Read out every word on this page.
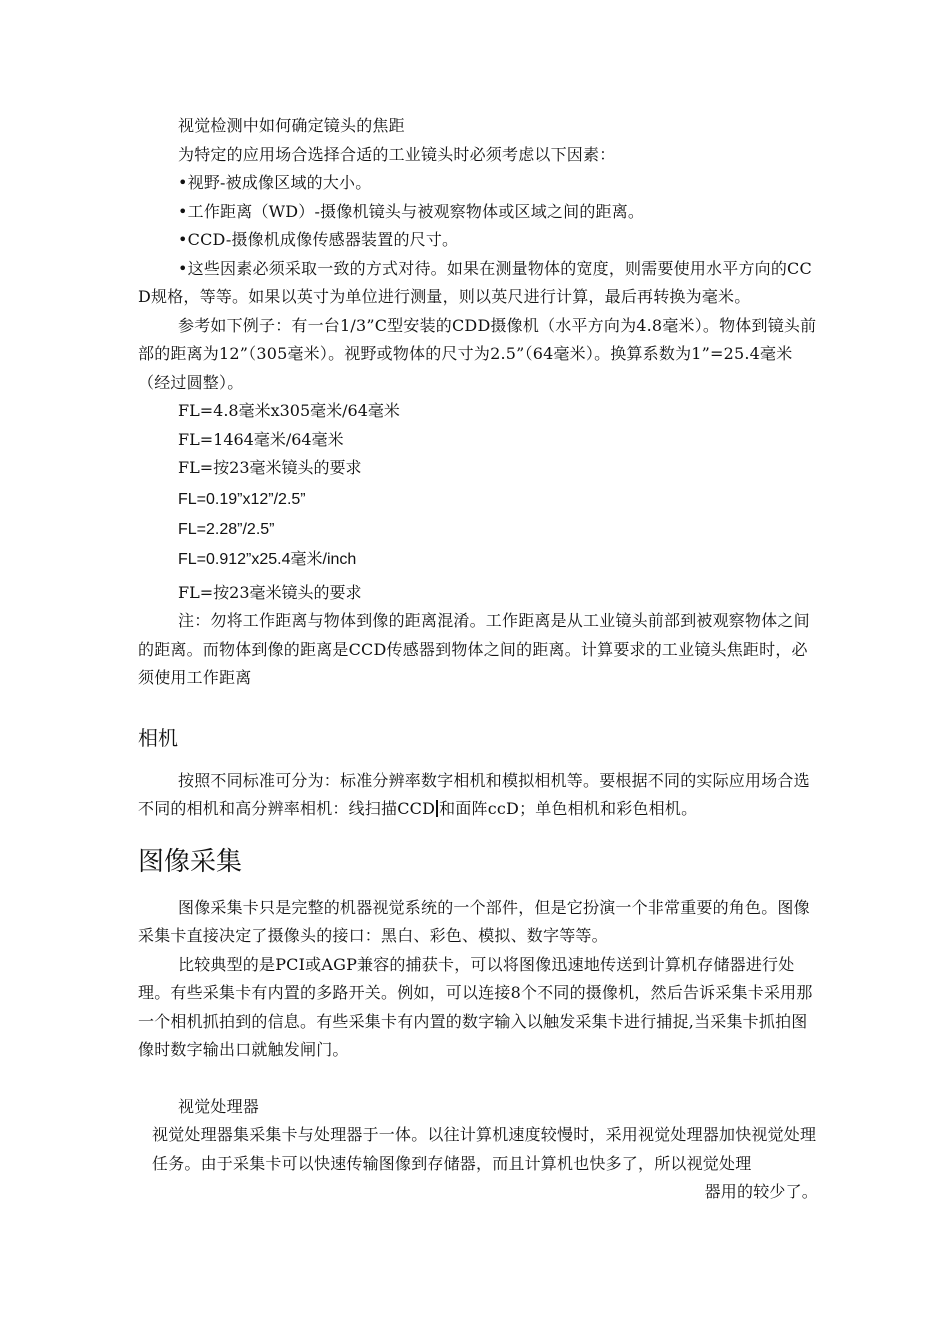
视觉检测中如何确定镜头的焦距

为特定的应用场合选择合适的工业镜头时必须考虑以下因素：

•视野-被成像区域的大小。

•工作距离（WD）-摄像机镜头与被观察物体或区域之间的距离。

•CCD-摄像机成像传感器装置的尺寸。

•这些因素必须采取一致的方式对待。如果在测量物体的宽度，则需要使用水平方向的CCD规格，等等。如果以英寸为单位进行测量，则以英尺进行计算，最后再转换为毫米。

参考如下例子：有一台1/3”C型安装的CDD摄像机（水平方向为4.8毫米）。物体到镜头前部的距离为12”（305毫米）。视野或物体的尺寸为2.5”（64毫米）。换算系数为1”=25.4毫米（经过圆整）。

FL=4.8毫米x305毫米/64毫米

FL=1464毫米/64毫米

FL=按23毫米镜头的要求

FL=0.19”x12”/2.5”

FL=2.28”/2.5”

FL=0.912”x25.4毫米/inch

FL=按23毫米镜头的要求

注：勿将工作距离与物体到像的距离混淆。工作距离是从工业镜头前部到被观察物体之间的距离。而物体到像的距离是CCD传感器到物体之间的距离。计算要求的工业镜头焦距时，必须使用工作距离

相机

按照不同标准可分为：标准分辨率数字相机和模拟相机等。要根据不同的实际应用场合选不同的相机和高分辨率相机：线扫描CCD 和面阵ccD；单色相机和彩色相机。

图像采集

图像采集卡只是完整的机器视觉系统的一个部件，但是它扮演一个非常重要的角色。图像采集卡直接决定了摄像头的接口：黑白、彩色、模拟、数字等等。

比较典型的是PCI或AGP兼容的捕获卡，可以将图像迅速地传送到计算机存储器进行处理。有些采集卡有内置的多路开关。例如，可以连接8个不同的摄像机，然后告诉采集卡采用那一个相机抓拍到的信息。有些采集卡有内置的数字输入以触发采集卡进行捕捉,当采集卡抓拍图像时数字输出口就触发闸门。

视觉处理器

视觉处理器集采集卡与处理器于一体。以往计算机速度较慢时，采用视觉处理器加快视觉处理任务。由于采集卡可以快速传输图像到存储器，而且计算机也快多了，所以视觉处理

器用的较少了。
